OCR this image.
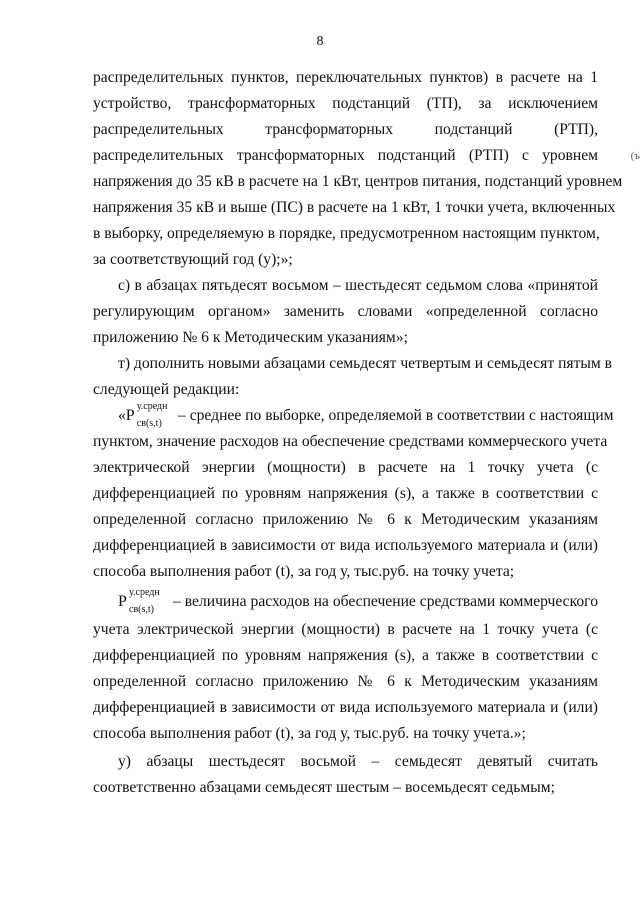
8
(ъ
распределительных пунктов, переключательных пунктов) в расчете на 1
устройство, трансформаторных подстанций (ТП), за исключением
распределительных трансформаторных подстанций (РТП),
распределительных трансформаторных подстанций (РТП) с уровнем
напряжения до 35 кВ в расчете на 1 кВт, центров питания, подстанций уровнем
напряжения 35 кВ и выше (ПС) в расчете на 1 кВт, 1 точки учета, включенных
в выборку, определяемую в порядке, предусмотренном настоящим пунктом,
за соответствующий год (у);»;
с) в абзацах пятьдесят восьмом – шестьдесят седьмом слова «принятой
регулирующим органом» заменить словами «определенной согласно
приложению № 6 к Методическим указаниям»;
т) дополнить новыми абзацами семьдесят четвертым и семьдесят пятым в
следующей редакции:
«P
у.средн
св(s,t) – среднее по выборке, определяемой в соответствии с настоящим
пунктом, значение расходов на обеспечение средствами коммерческого учета
электрической энергии (мощности) в расчете на 1 точку учета (с
дифференциацией по уровням напряжения (s), а также в соответствии с
определенной согласно приложению № 6 к Методическим указаниям
дифференциацией в зависимости от вида используемого материала и (или)
способа выполнения работ (t), за год у, тыс.руб. на точку учета;
P
у.средн
св(s,t) – величина расходов на обеспечение средствами коммерческого
учета электрической энергии (мощности) в расчете на 1 точку учета (с
дифференциацией по уровням напряжения (s), а также в соответствии с
определенной согласно приложению № 6 к Методическим указаниям
дифференциацией в зависимости от вида используемого материала и (или)
способа выполнения работ (t), за год у, тыс.руб. на точку учета.»;
у) абзацы шестьдесят восьмой – семьдесят девятый считать
соответственно абзацами семьдесят шестым – восемьдесят седьмым;
